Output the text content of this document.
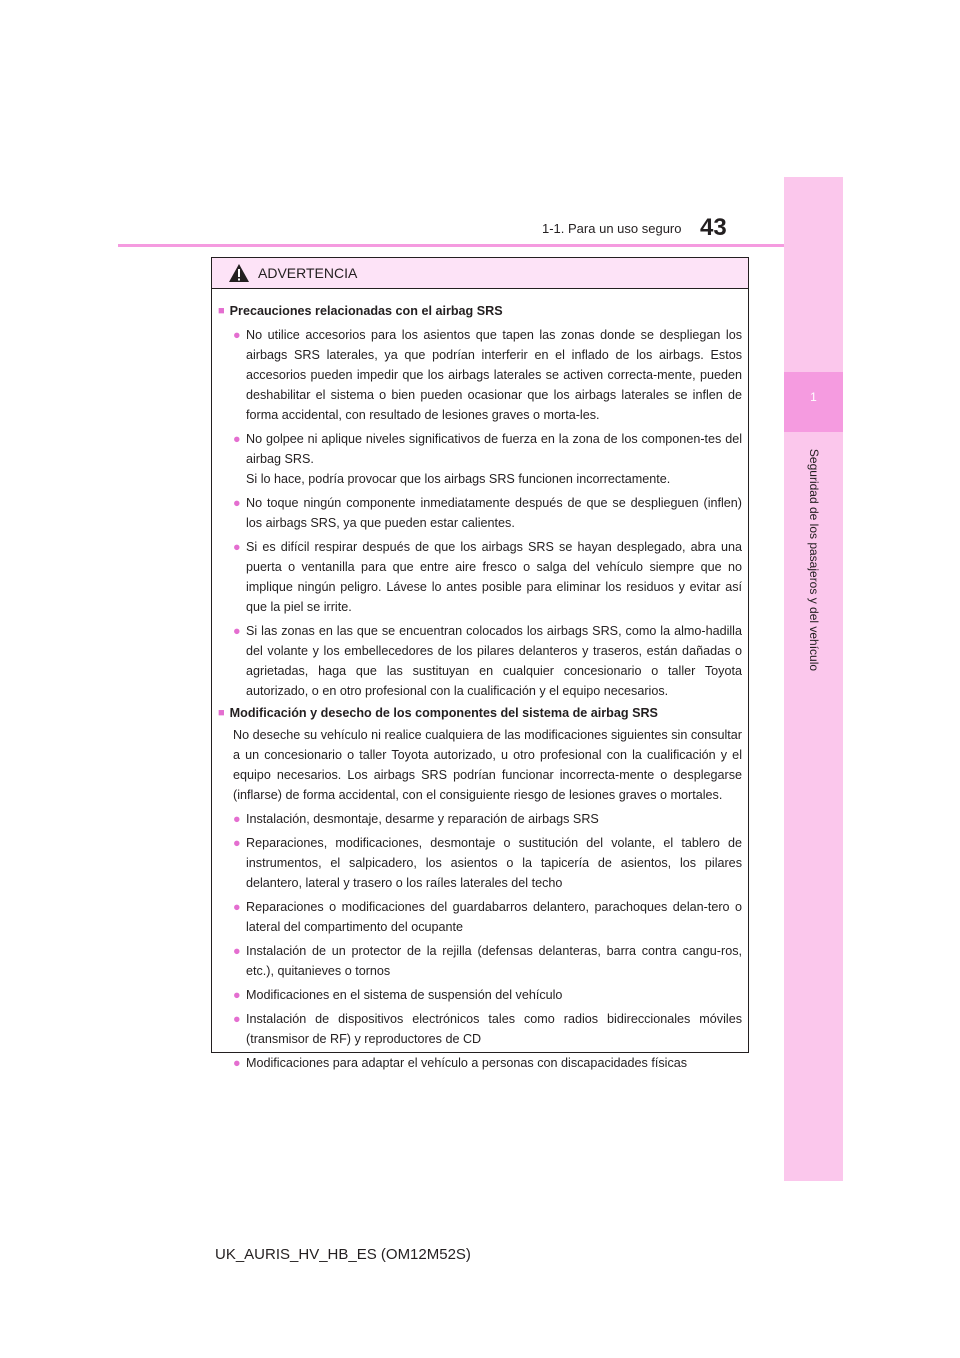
1
Seguridad de los pasajeros y del vehículo
1-1. Para un uso seguro 43
ADVERTENCIA
■ Precauciones relacionadas con el airbag SRS
● No utilice accesorios para los asientos que tapen las zonas donde se despliegan los airbags SRS laterales, ya que podrían interferir en el inflado de los airbags. Estos accesorios pueden impedir que los airbags laterales se activen correcta-mente, pueden deshabilitar el sistema o bien pueden ocasionar que los airbags laterales se inflen de forma accidental, con resultado de lesiones graves o morta-les.
● No golpee ni aplique niveles significativos de fuerza en la zona de los componen-tes del airbag SRS.
Si lo hace, podría provocar que los airbags SRS funcionen incorrectamente.
● No toque ningún componente inmediatamente después de que se desplieguen (inflen) los airbags SRS, ya que pueden estar calientes.
● Si es difícil respirar después de que los airbags SRS se hayan desplegado, abra una puerta o ventanilla para que entre aire fresco o salga del vehículo siempre que no implique ningún peligro. Lávese lo antes posible para eliminar los residuos y evitar así que la piel se irrite.
● Si las zonas en las que se encuentran colocados los airbags SRS, como la almo-hadilla del volante y los embellecedores de los pilares delanteros y traseros, están dañadas o agrietadas, haga que las sustituyan en cualquier concesionario o taller Toyota autorizado, o en otro profesional con la cualificación y el equipo necesarios.
■ Modificación y desecho de los componentes del sistema de airbag SRS
No deseche su vehículo ni realice cualquiera de las modificaciones siguientes sin consultar a un concesionario o taller Toyota autorizado, u otro profesional con la cualificación y el equipo necesarios. Los airbags SRS podrían funcionar incorrecta-mente o desplegarse (inflarse) de forma accidental, con el consiguiente riesgo de lesiones graves o mortales.
● Instalación, desmontaje, desarme y reparación de airbags SRS
● Reparaciones, modificaciones, desmontaje o sustitución del volante, el tablero de instrumentos, el salpicadero, los asientos o la tapicería de asientos, los pilares delantero, lateral y trasero o los raíles laterales del techo
● Reparaciones o modificaciones del guardabarros delantero, parachoques delan-tero o lateral del compartimento del ocupante
● Instalación de un protector de la rejilla (defensas delanteras, barra contra cangu-ros, etc.), quitanieves o tornos
● Modificaciones en el sistema de suspensión del vehículo
● Instalación de dispositivos electrónicos tales como radios bidireccionales móviles (transmisor de RF) y reproductores de CD
● Modificaciones para adaptar el vehículo a personas con discapacidades físicas
UK_AURIS_HV_HB_ES (OM12M52S)
